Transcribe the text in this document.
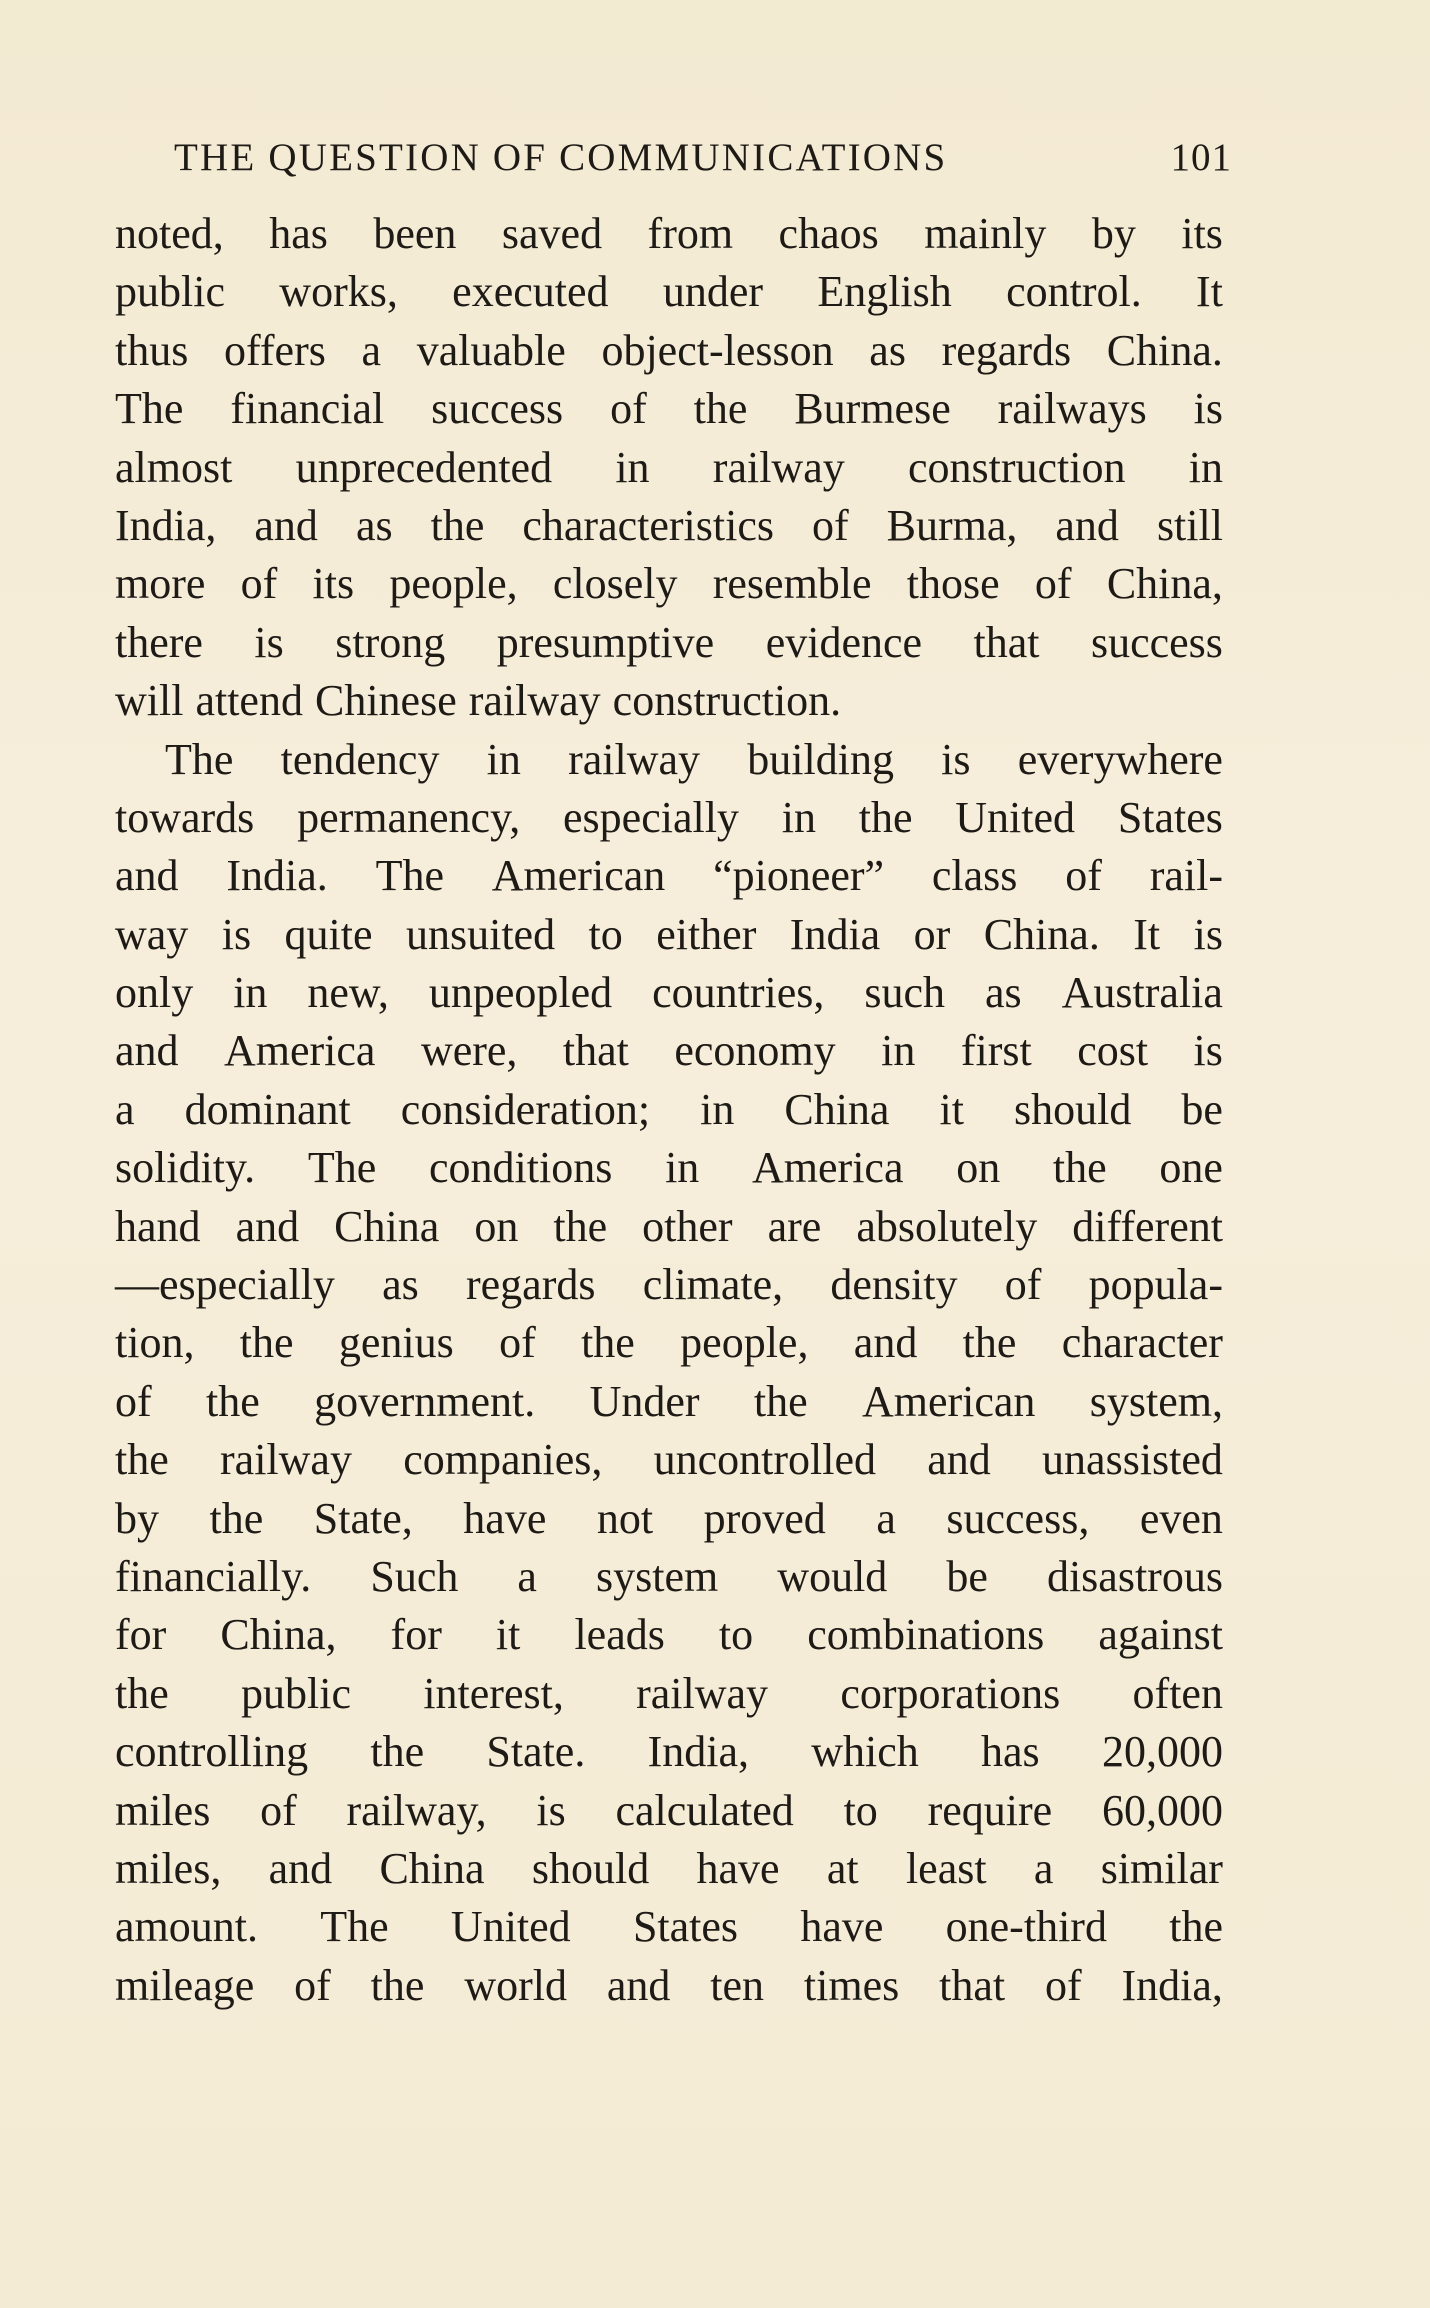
THE QUESTION OF COMMUNICATIONS	101
noted, has been saved from chaos mainly by its
public works, executed under English control. It
thus offers a valuable object-lesson as regards China.
The financial success of the Burmese railways is
almost unprecedented in railway construction in
India, and as the characteristics of Burma, and still
more of its people, closely resemble those of China,
there is strong presumptive evidence that success
will attend Chinese railway construction.
The tendency in railway building is everywhere
towards permanency, especially in the United States
and India. The American “pioneer” class of rail-
way is quite unsuited to either India or China. It is
only in new, unpeopled countries, such as Australia
and America were, that economy in first cost is
a dominant consideration; in China it should be
solidity. The conditions in America on the one
hand and China on the other are absolutely different
—especially as regards climate, density of popula-
tion, the genius of the people, and the character
of the government. Under the American system,
the railway companies, uncontrolled and unassisted
by the State, have not proved a success, even
financially. Such a system would be disastrous
for China, for it leads to combinations against
the public interest, railway corporations often
controlling the State. India, which has 20,000
miles of railway, is calculated to require 60,000
miles, and China should have at least a similar
amount. The United States have one-third the
mileage of the world and ten times that of India,
